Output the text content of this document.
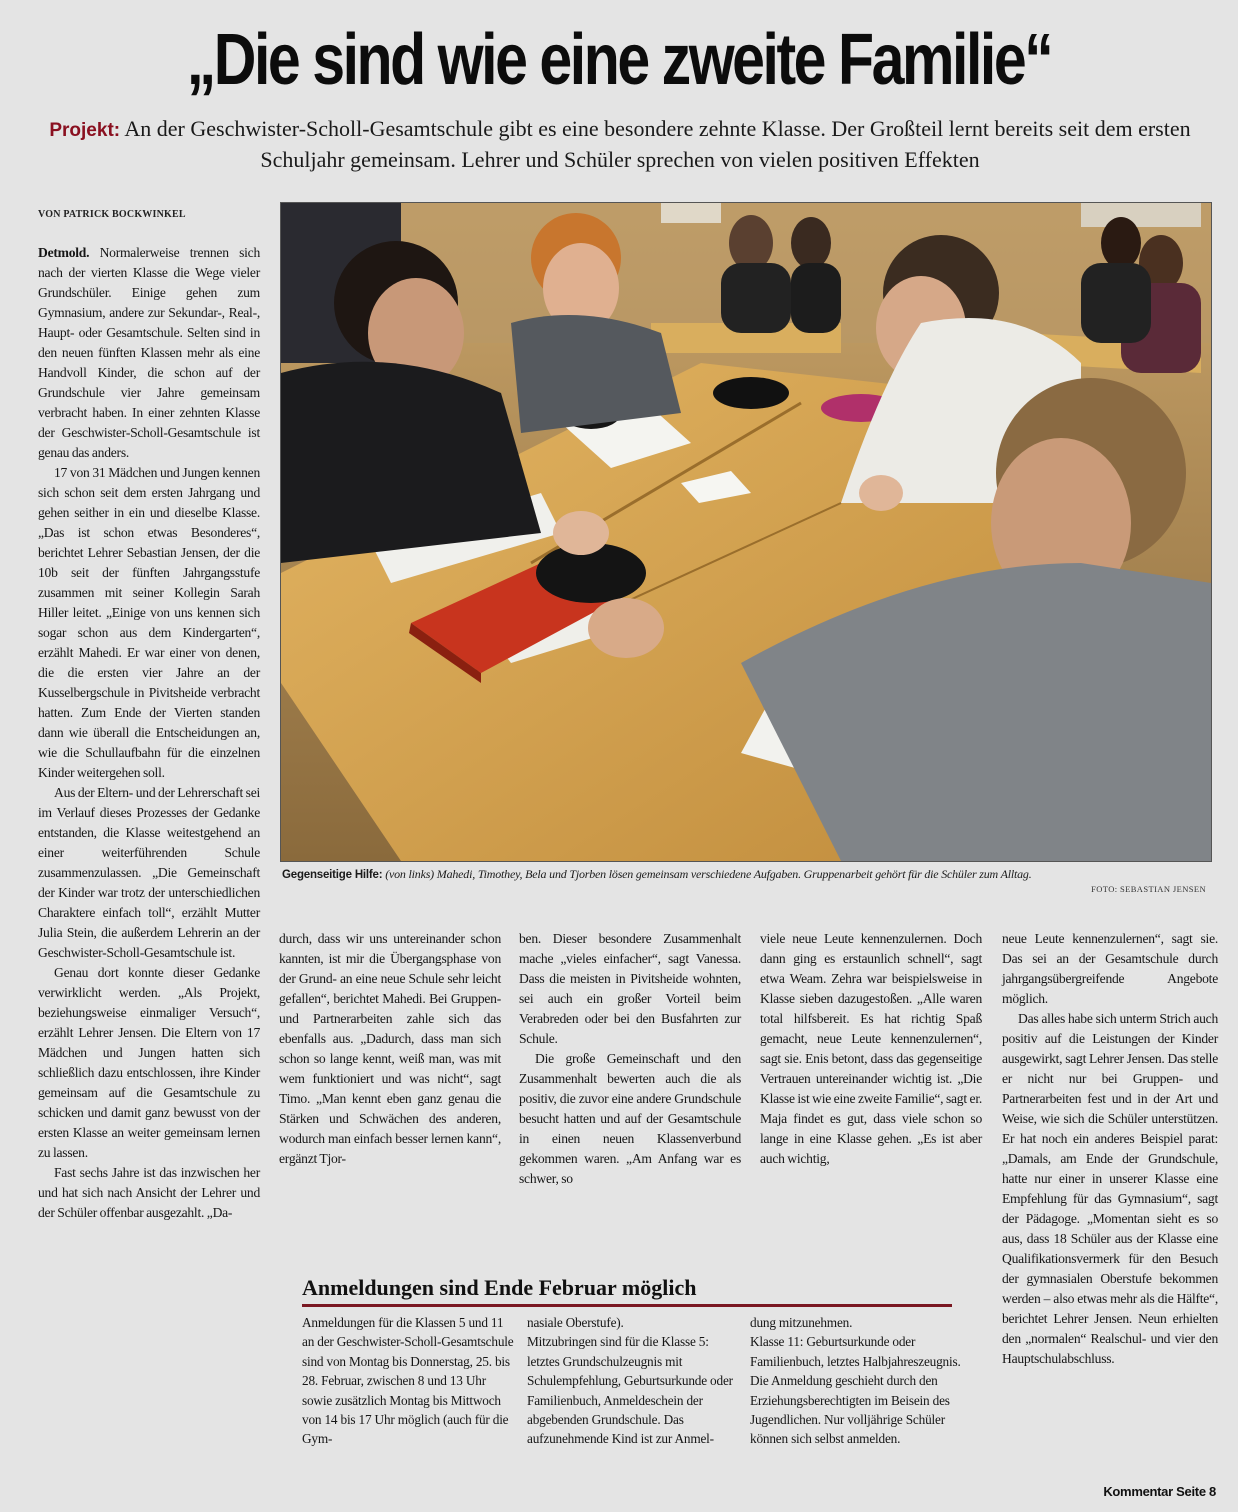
„Die sind wie eine zweite Familie“
Projekt: An der Geschwister-Scholl-Gesamtschule gibt es eine besondere zehnte Klasse. Der Großteil lernt bereits seit dem ersten Schuljahr gemeinsam. Lehrer und Schüler sprechen von vielen positiven Effekten
VON PATRICK BOCKWINKEL

Detmold. Normalerweise trennen sich nach der vierten Klasse die Wege vieler Grundschüler. Einige gehen zum Gymnasium, andere zur Sekundar-, Real-, Haupt- oder Gesamtschule. Selten sind in den neuen fünften Klassen mehr als eine Handvoll Kinder, die schon auf der Grundschule vier Jahre gemeinsam verbracht haben. In einer zehnten Klasse der Geschwister-Scholl-Gesamtschule ist genau das anders.

17 von 31 Mädchen und Jungen kennen sich schon seit dem ersten Jahrgang und gehen seither in ein und dieselbe Klasse. „Das ist schon etwas Besonderes“, berichtet Lehrer Sebastian Jensen, der die 10b seit der fünften Jahrgangsstufe zusammen mit seiner Kollegin Sarah Hiller leitet. „Einige von uns kennen sich sogar schon aus dem Kindergarten“, erzählt Mahedi. Er war einer von denen, die die ersten vier Jahre an der Kusselbergschule in Pivitsheide verbracht hatten. Zum Ende der Vierten standen dann wie überall die Entscheidungen an, wie die Schullaufbahn für die einzelnen Kinder weitergehen soll.

Aus der Eltern- und der Lehrerschaft sei im Verlauf dieses Prozesses der Gedanke entstanden, die Klasse weitestgehend an einer weiterführenden Schule zusammenzulassen. „Die Gemeinschaft der Kinder war trotz der unterschiedlichen Charaktere einfach toll“, erzählt Mutter Julia Stein, die außerdem Lehrerin an der Geschwister-Scholl-Gesamtschule ist.

Genau dort konnte dieser Gedanke verwirklicht werden. „Als Projekt, beziehungsweise einmaliger Versuch“, erzählt Lehrer Jensen. Die Eltern von 17 Mädchen und Jungen hatten sich schließlich dazu entschlossen, ihre Kinder gemeinsam auf die Gesamtschule zu schicken und damit ganz bewusst von der ersten Klasse an weiter gemeinsam lernen zu lassen.

Fast sechs Jahre ist das inzwischen her und hat sich nach Ansicht der Lehrer und der Schüler offenbar ausgezahlt. „Da-

Gegenseitige Hilfe: (von links) Mahedi, Timothey, Bela und Tjorben lösen gemeinsam verschiedene Aufgaben. Gruppenarbeit gehört für die Schüler zum Alltag.
FOTO: SEBASTIAN JENSEN

durch, dass wir uns untereinander schon kannten, ist mir die Übergangsphase von der Grund- an eine neue Schule sehr leicht gefallen“, berichtet Mahedi. Bei Gruppen- und Partnerarbeiten zahle sich das ebenfalls aus. „Dadurch, dass man sich schon so lange kennt, weiß man, was mit wem funktioniert und was nicht“, sagt Timo. „Man kennt eben ganz genau die Stärken und Schwächen des anderen, wodurch man einfach besser lernen kann“, ergänzt Tjor-

ben. Dieser besondere Zusammenhalt mache „vieles einfacher“, sagt Vanessa. Dass die meisten in Pivitsheide wohnten, sei auch ein großer Vorteil beim Verabreden oder bei den Busfahrten zur Schule.

Die große Gemeinschaft und den Zusammenhalt bewerten auch die als positiv, die zuvor eine andere Grundschule besucht hatten und auf der Gesamtschule in einen neuen Klassenverbund gekommen waren. „Am Anfang war es schwer, so

viele neue Leute kennenzulernen. Doch dann ging es erstaunlich schnell“, sagt etwa Weam. Zehra war beispielsweise in Klasse sieben dazugestoßen. „Alle waren total hilfsbereit. Es hat richtig Spaß gemacht, neue Leute kennenzulernen“, sagt sie. Enis betont, dass das gegenseitige Vertrauen untereinander wichtig ist. „Die Klasse ist wie eine zweite Familie“, sagt er. Maja findet es gut, dass viele schon so lange in eine Klasse gehen. „Es ist aber auch wichtig,

neue Leute kennenzulernen“, sagt sie. Das sei an der Gesamtschule durch jahrgangsübergreifende Angebote möglich.

Das alles habe sich unterm Strich auch positiv auf die Leistungen der Kinder ausgewirkt, sagt Lehrer Jensen. Das stelle er nicht nur bei Gruppen- und Partnerarbeiten fest und in der Art und Weise, wie sich die Schüler unterstützen. Er hat noch ein anderes Beispiel parat: „Damals, am Ende der Grundschule, hatte nur einer in unserer Klasse eine Empfehlung für das Gymnasium“, sagt der Pädagoge. „Momentan sieht es so aus, dass 18 Schüler aus der Klasse eine Qualifikationsvermerk für den Besuch der gymnasialen Oberstufe bekommen werden – also etwas mehr als die Hälfte“, berichtet Lehrer Jensen. Neun erhielten den „normalen“ Realschul- und vier den Hauptschulabschluss.

Anmeldungen sind Ende Februar möglich

Anmeldungen für die Klassen 5 und 11 an der Geschwister-Scholl-Gesamtschule sind von Montag bis Donnerstag, 25. bis 28. Februar, zwischen 8 und 13 Uhr sowie zusätzlich Montag bis Mittwoch von 14 bis 17 Uhr möglich (auch für die Gym-

nasiale Oberstufe).

Mitzubringen sind für die Klasse 5: letztes Grundschulzeugnis mit Schulempfehlung, Geburtsurkunde oder Familienbuch, Anmeldeschein der abgebenden Grundschule. Das aufzunehmende Kind ist zur Anmel-

dung mitzunehmen.

Klasse 11: Geburtsurkunde oder Familienbuch, letztes Halbjahreszeugnis. Die Anmeldung geschieht durch den Erziehungsberechtigten im Beisein des Jugendlichen. Nur volljährige Schüler können sich selbst anmelden.

Kommentar Seite 8
